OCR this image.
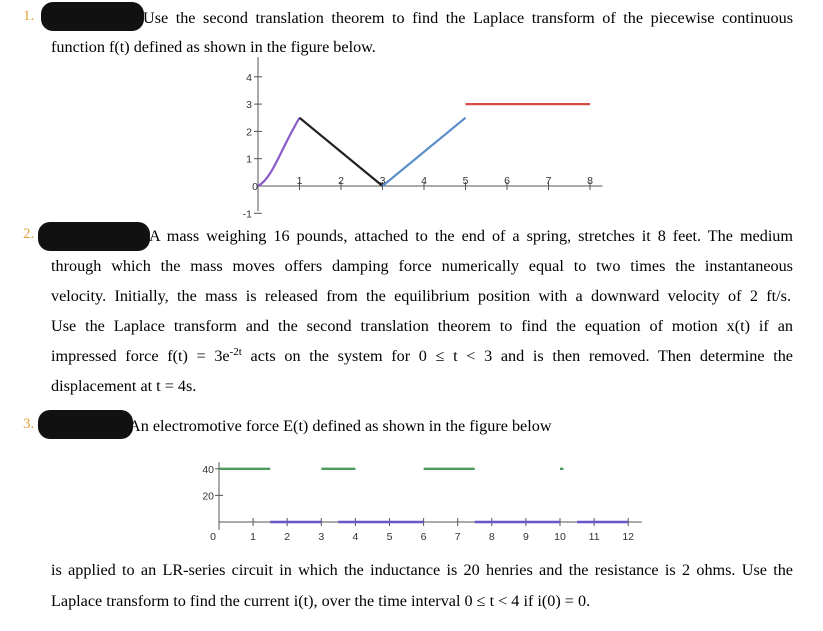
1.	Use the second translation theorem to find the Laplace transform of the piecewise continuous
function f(t) defined as shown in the figure below.
0	1	2	3	4	5	6	7	8
-1
1
2
3
4
2.	A mass weighing 16 pounds, attached to the end of a spring, stretches it 8 feet. The medium
through which the mass moves offers damping force numerically equal to two times the instantaneous
velocity. Initially, the mass is released from the equilibrium position with a downward velocity of 2 ft/s.
Use the Laplace transform and the second translation theorem to find the equation of motion x(t) if an
impressed force $f(t) = 3e^{-2t}$ acts on the system for 0 ≤ t < 3 and is then removed. Then determine the
displacement at t = 4s.
3.	An electromotive force E(t) defined as shown in the figure below
0	1	2	3	4	5	6	7	8	9 10 11 12
20
40
is applied to an LR-series circuit in which the inductance is 20 henries and the resistance is 2 ohms. Use the
Laplace transform to find the current i(t), over the time interval 0 ≤ t < 4 if i(0) = 0.
